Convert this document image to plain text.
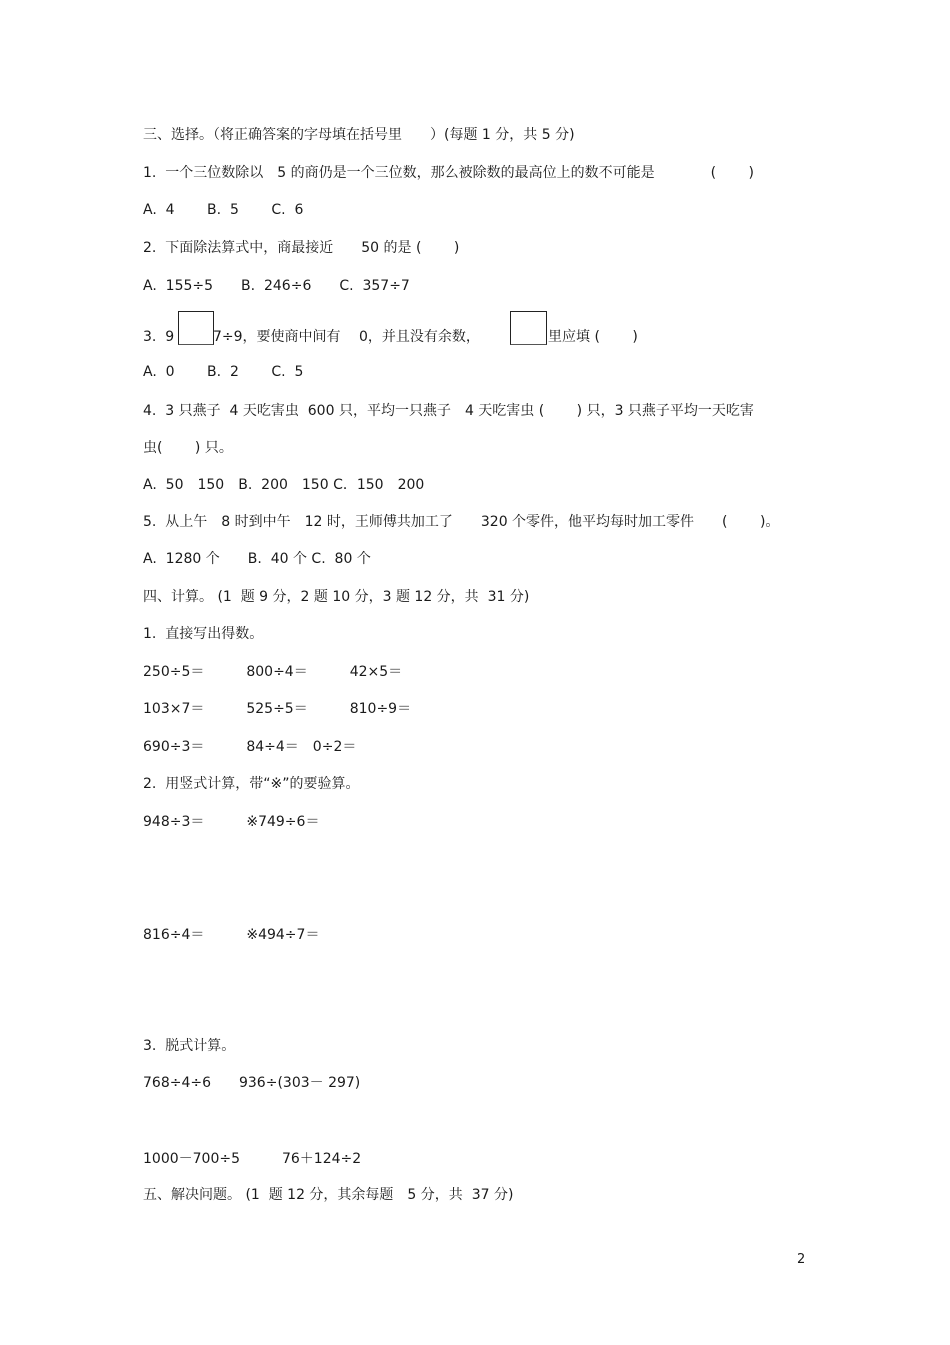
三、选择。（将正确答案的字母填在括号里　　）(每题 1 分，共 5 分)
1.  一个三位数除以　5 的商仍是一个三位数，那么被除数的最高位上的数不可能是　　　　(　　 )
A.  4　　 B.  5　　 C.  6
2.  下面除法算式中，商最接近　　50 的是 (　　 )
A.  155÷5　　B.  246÷6　　C.  357÷7
3.  9	7÷9，要使商中间有　 0，并且没有余数，	里应填 (　　 )
A.  0　　 B.  2　　 C.  5
4.  3 只燕子  4 天吃害虫  600 只，平均一只燕子　4 天吃害虫 (　　 ) 只，3 只燕子平均一天吃害
虫(　　 ) 只。
A.  50　150　B.  200　150 C．150　200
5.  从上午　8 时到中午　12 时，王师傅共加工了　　320 个零件，他平均每时加工零件　　(　　 )。
A.  1280 个　　B.  40 个 C.  80 个
四、计算。 (1  题 9 分，2 题 10 分，3 题 12 分，共  31 分)
1.  直接写出得数。
250÷5＝　　　800÷4＝　　　42×5＝
103×7＝　　　525÷5＝　　　810÷9＝
690÷3＝　　　84÷4＝　0÷2＝
2.  用竖式计算，带“※”的要验算。
948÷3＝　　　※749÷6＝
816÷4＝　　　※494÷7＝
3.  脱式计算。
768÷4÷6　　936÷(303－ 297)
1000－700÷5　　　76＋124÷2
五、解决问题。 (1  题 12 分，其余每题　5 分，共  37 分)
2
